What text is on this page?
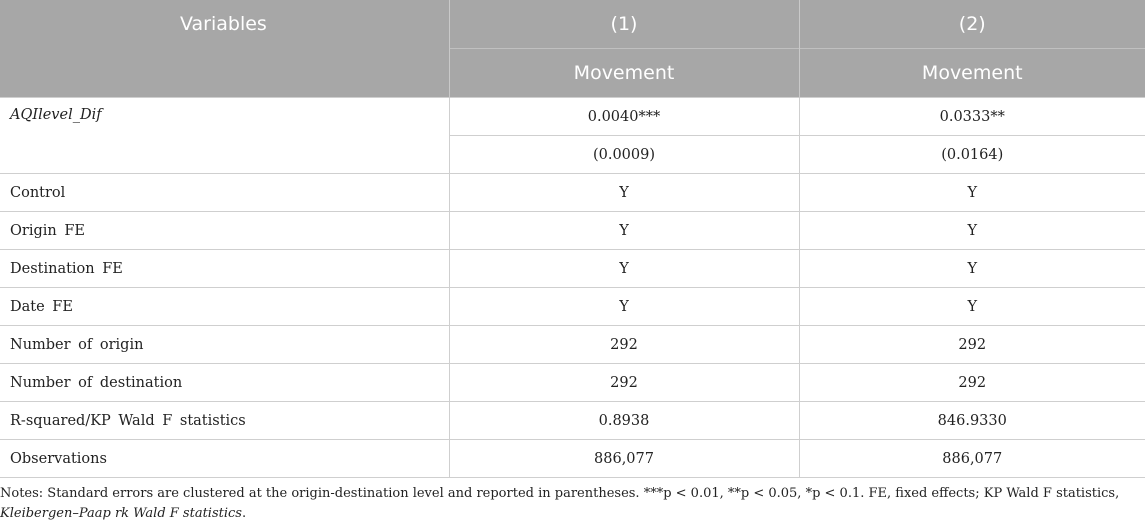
Variables	(1)	(2)
	Movement	Movement
AQIlevel_Dif	0.0040***	0.0333**
	(0.0009)	(0.0164)
Control	Y	Y
Origin FE	Y	Y
Destination FE	Y	Y
Date FE	Y	Y
Number of origin	292	292
Number of destination	292	292
R-squared/KP Wald F statistics	0.8938	846.9330
Observations	886,077	886,077
Notes: Standard errors are clustered at the origin-destination level and reported in parentheses. ***p < 0.01, **p < 0.05, *p < 0.1. FE, fixed effects; KP Wald F statistics, Kleibergen–Paap rk Wald F statistics.
